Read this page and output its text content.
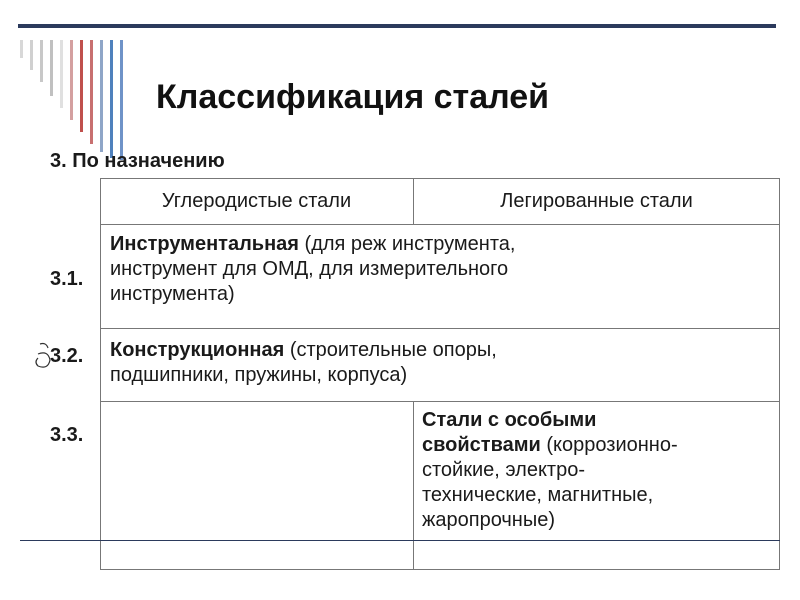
Классификация сталей
3. По назначению
3.1.
3.2.
3.3.
Углеродистые стали	Легированные стали
Инструментальная (для реж инструмента,
инструмент для ОМД, для измерительного
инструмента)
Конструкционная (строительные опоры,
подшипники, пружины, корпуса)
Стали с особыми
свойствами (коррозионно-
стойкие, электро-
технические, магнитные,
жаропрочные)
